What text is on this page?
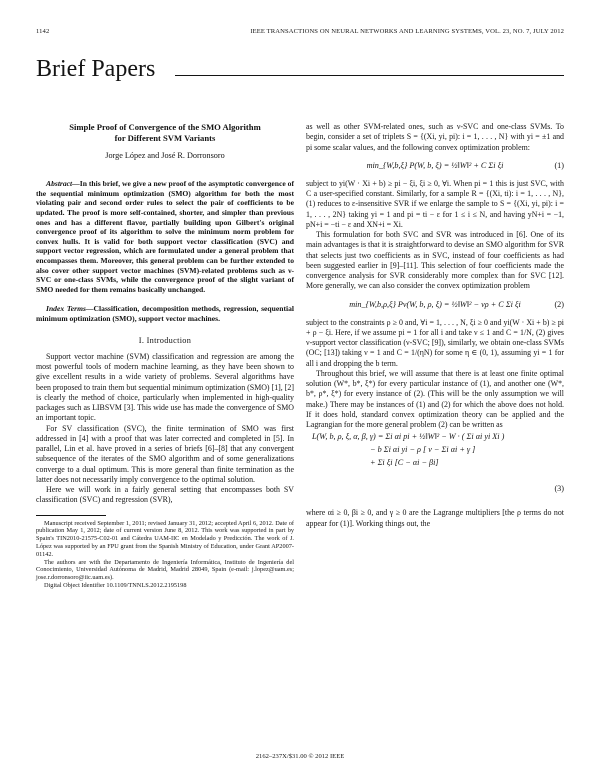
1142	IEEE TRANSACTIONS ON NEURAL NETWORKS AND LEARNING SYSTEMS, VOL. 23, NO. 7, JULY 2012
Brief Papers
Simple Proof of Convergence of the SMO Algorithm
for Different SVM Variants
Jorge López and José R. Dorronsoro

Abstract—In this brief, we give a new proof of the asymptotic convergence of the sequential minimum optimization (SMO) algorithm for both the most violating pair and second order rules to select the pair of coefficients to be updated. The proof is more self-contained, shorter, and simpler than previous ones and has a different flavor, partially building upon Gilbert's original convergence proof of its algorithm to solve the minimum norm problem for convex hulls. It is valid for both support vector classification (SVC) and support vector regression, which are formulated under a general problem that encompasses them. Moreover, this general problem can be further extended to also cover other support vector machines (SVM)-related problems such as ν-SVC or one-class SVMs, while the convergence proof of the slight variant of SMO needed for them remains basically unchanged.

Index Terms—Classification, decomposition methods, regression, sequential minimum optimization (SMO), support vector machines.

I. Introduction

Support vector machine (SVM) classification and regression are among the most powerful tools of modern machine learning, as they have been shown to give excellent results in a wide variety of problems. Several algorithms have been proposed to train them but sequential minimum optimization (SMO) [1], [2] is clearly the method of choice, particularly when implemented in high-quality packages such as LIBSVM [3]. This wide use has made the convergence of SMO an important topic.

For SV classification (SVC), the finite termination of SMO was first addressed in [4] with a proof that was later corrected and completed in [5]. In parallel, Lin et al. have proved in a series of briefs [6]–[8] that any convergent subsequence of the iterates of the SMO algorithm and of some generalizations converge to a dual optimum. This is more general than finite termination as the latter does not necessarily imply convergence to the optimal solution.

Here we will work in a fairly general setting that encompasses both SV classification (SVC) and regression (SVR),

Manuscript received September 1, 2011; revised January 31, 2012; accepted April 6, 2012. Date of publication May 1, 2012; date of current version June 8, 2012. This work was supported in part by Spain's TIN2010-21575-C02-01 and Cátedra UAM-IIC en Modelado y Predicción. The work of J. López was supported by an FPU grant from the Spanish Ministry of Education, under Grant AP2007-01142.

The authors are with the Departamento de Ingeniería Informática, Instituto de Ingeniería del Conocimiento, Universidad Autónoma de Madrid, Madrid 28049, Spain (e-mail: j.lopez@uam.es; jose.r.dorronsoro@iic.uam.es).

Digital Object Identifier 10.1109/TNNLS.2012.2195198

as well as other SVM-related ones, such as ν-SVC and one-class SVMs. To begin, consider a set of triplets S = {(Xi, yi, pi): i = 1, . . . , N} with yi = ±1 and pi some scalar values, and the following convex optimization problem:

min_{W,b,ξ} P(W, b, ξ) = ½‖W‖² + C Σi ξi	(1)

subject to yi(W · Xi + b) ≥ pi − ξi, ξi ≥ 0, ∀i. When pi = 1 this is just SVC, with C a user-specified constant. Similarly, for a sample R = {(Xi, ti): i = 1, . . . , N}, (1) reduces to ε-insensitive SVR if we enlarge the sample to S = {(Xi, yi, pi): i = 1, . . . , 2N} taking yi = 1 and pi = ti − ε for 1 ≤ i ≤ N, and having yN+i = −1, pN+i = −ti − ε and XN+i = Xi.

This formulation for both SVC and SVR was introduced in [6]. One of its main advantages is that it is straightforward to devise an SMO algorithm for SVR that selects just two coefficients as in SVC, instead of four coefficients as had been suggested earlier in [9]–[11]. This selection of four coefficients made the convergence analysis for SVR considerably more complex than for SVC [12]. More generally, we can also consider the convex optimization problem

min_{W,b,ρ,ξ} Pν(W, b, ρ, ξ) = ½‖W‖² − νρ + C Σi ξi	(2)

subject to the constraints ρ ≥ 0 and, ∀i = 1, . . . , N, ξi ≥ 0 and yi(W · Xi + b) ≥ pi + ρ − ξi. Here, if we assume pi = 1 for all i and take ν ≤ 1 and C = 1/N, (2) gives ν-support vector classification (ν-SVC; [9]), similarly, we obtain one-class SVMs (OC; [13]) taking ν = 1 and C = 1/(ηN) for some η ∈ (0, 1), assuming yi = 1 for all i and dropping the b term.

Throughout this brief, we will assume that there is at least one finite optimal solution (W*, b*, ξ*) for every particular instance of (1), and another one (W*, b*, ρ*, ξ*) for every instance of (2). (This will be the only assumption we will make.) There may be instances of (1) and (2) for which the above does not hold. If it does hold, standard convex optimization theory can be applied and the Lagrangian for the more general problem (2) can be written as

L(W, b, ρ, ξ, α, β, γ) = Σi αi pi + ½‖W‖² − W · ( Σi αi yi Xi )
− b Σi αi yi − ρ [ ν − Σi αi + γ ]
+ Σi ξi [C − αi − βi]
(3)

where αi ≥ 0, βi ≥ 0, and γ ≥ 0 are the Lagrange multipliers [the ρ terms do not appear for (1)]. Working things out, the

2162–237X/$31.00 © 2012 IEEE
